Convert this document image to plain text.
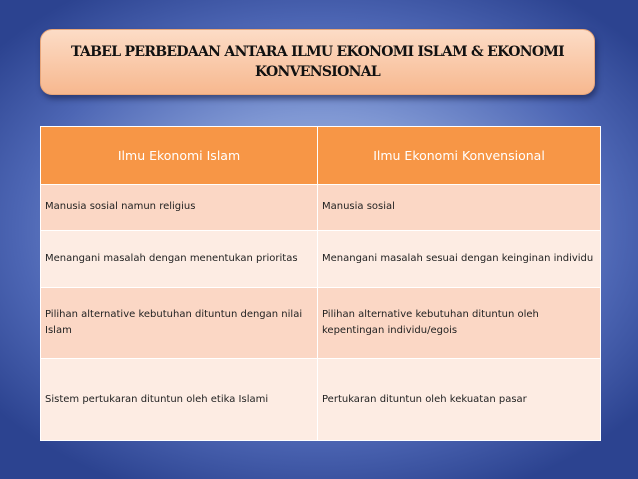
TABEL PERBEDAAN ANTARA ILMU EKONOMI ISLAM & EKONOMI
KONVENSIONAL
Ilmu Ekonomi Islam	Ilmu Ekonomi Konvensional
Manusia sosial namun religius	Manusia sosial
Menangani masalah dengan menentukan prioritas	Menangani masalah sesuai dengan keinginan individu
Pilihan alternative kebutuhan dituntun dengan nilai Islam	Pilihan alternative kebutuhan dituntun oleh kepentingan individu/egois
Sistem pertukaran dituntun oleh etika Islami	Pertukaran dituntun oleh kekuatan pasar
